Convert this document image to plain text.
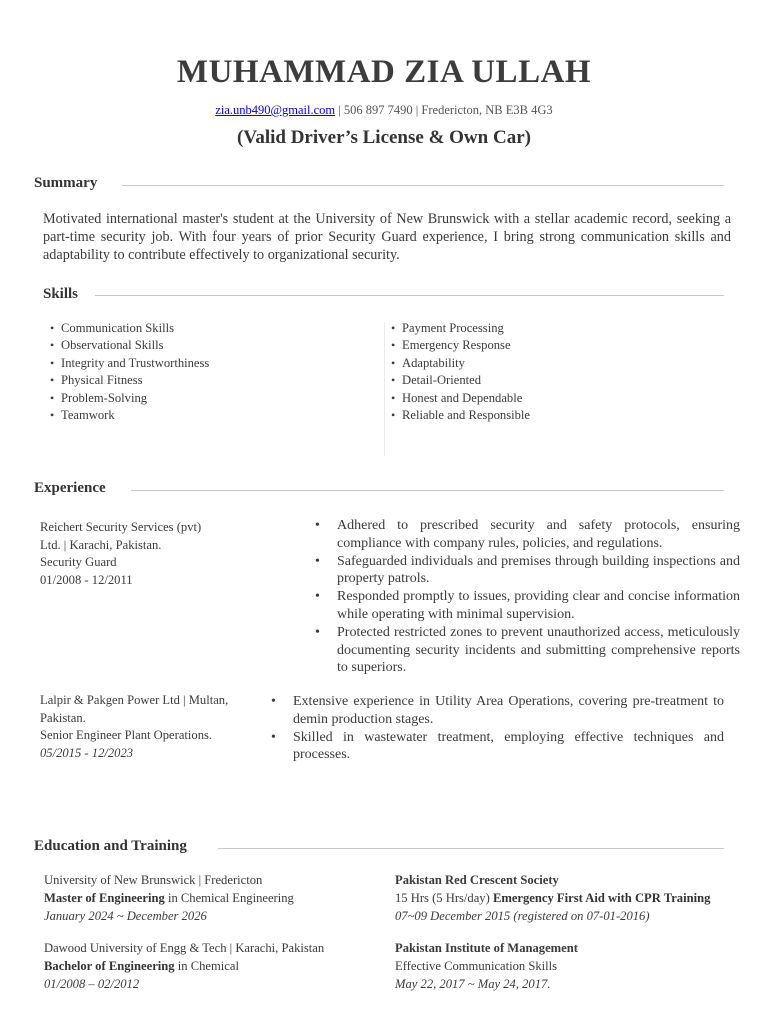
MUHAMMAD ZIA ULLAH
zia.unb490@gmail.com | 506 897 7490 | Fredericton, NB E3B 4G3
(Valid Driver’s License & Own Car)
Summary
Motivated international master's student at the University of New Brunswick with a stellar academic record, seeking a part-time security job. With four years of prior Security Guard experience, I bring strong communication skills and adaptability to contribute effectively to organizational security.
Skills
• Communication Skills
• Observational Skills
• Integrity and Trustworthiness
• Physical Fitness
• Problem-Solving
• Teamwork
• Payment Processing
• Emergency Response
• Adaptability
• Detail-Oriented
• Honest and Dependable
• Reliable and Responsible
Experience
Reichert Security Services (pvt)
Ltd. | Karachi, Pakistan.
Security Guard
01/2008 - 12/2011
• Adhered to prescribed security and safety protocols, ensuring compliance with company rules, policies, and regulations.
• Safeguarded individuals and premises through building inspections and property patrols.
• Responded promptly to issues, providing clear and concise information while operating with minimal supervision.
• Protected restricted zones to prevent unauthorized access, meticulously documenting security incidents and submitting comprehensive reports to superiors.
Lalpir & Pakgen Power Ltd | Multan,
Pakistan.
Senior Engineer Plant Operations.
05/2015 - 12/2023
• Extensive experience in Utility Area Operations, covering pre-treatment to demin production stages.
• Skilled in wastewater treatment, employing effective techniques and processes.
Education and Training
University of New Brunswick | Fredericton
Master of Engineering in Chemical Engineering
January 2024 ~ December 2026
Pakistan Red Crescent Society
15 Hrs (5 Hrs/day) Emergency First Aid with CPR Training
07~09 December 2015 (registered on 07-01-2016)
Dawood University of Engg & Tech | Karachi, Pakistan
Bachelor of Engineering in Chemical
01/2008 – 02/2012
Pakistan Institute of Management
Effective Communication Skills
May 22, 2017 ~ May 24, 2017.
